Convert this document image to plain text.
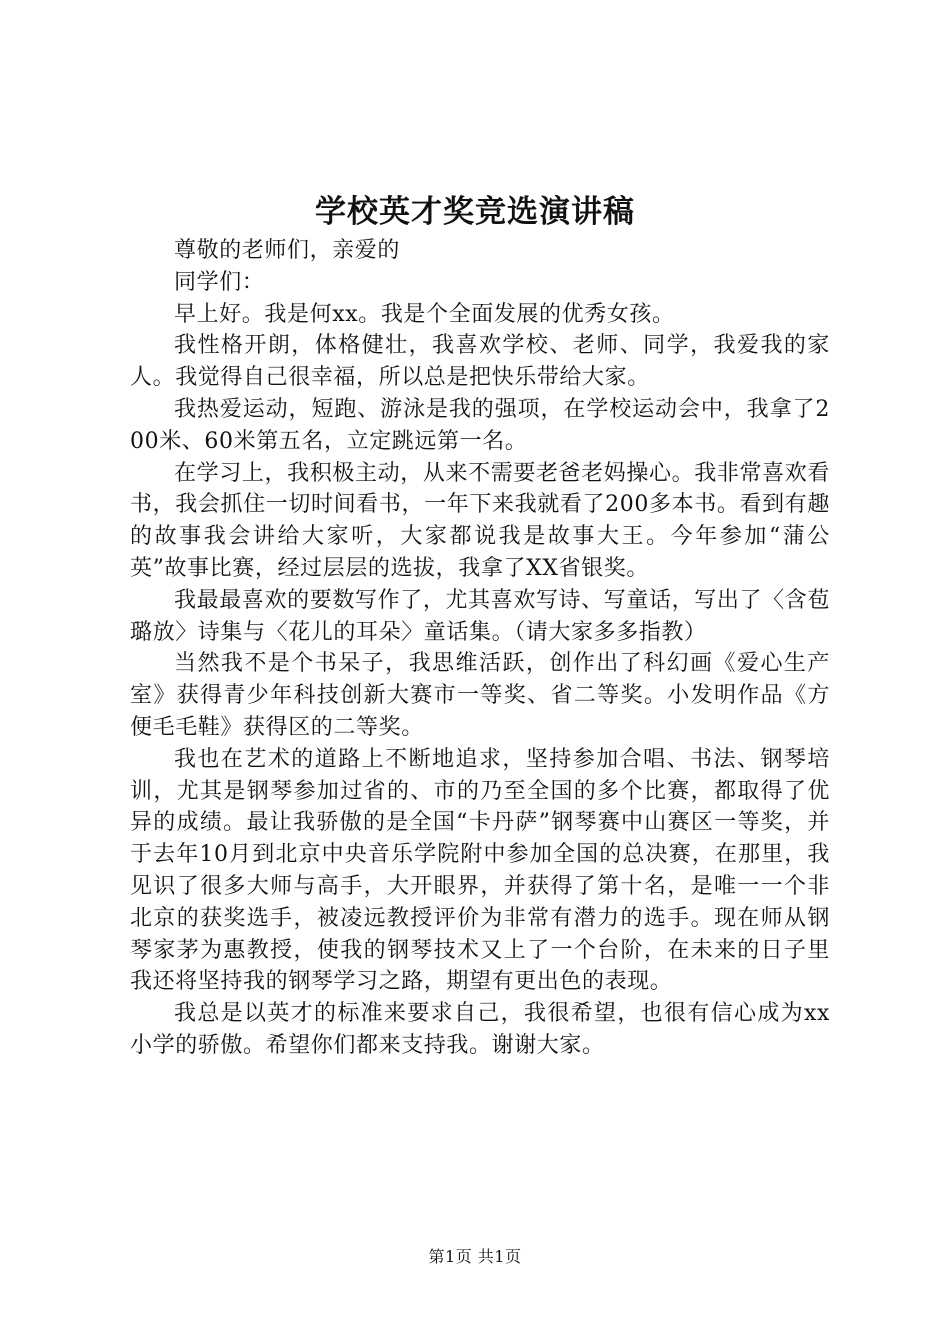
学校英才奖竞选演讲稿

尊敬的老师们，亲爱的

同学们：

早上好。我是何xx。我是个全面发展的优秀女孩。

我性格开朗，体格健壮，我喜欢学校、老师、同学，我爱我的家人。我觉得自己很幸福，所以总是把快乐带给大家。

我热爱运动，短跑、游泳是我的强项，在学校运动会中，我拿了200米、60米第五名，立定跳远第一名。

在学习上，我积极主动，从来不需要老爸老妈操心。我非常喜欢看书，我会抓住一切时间看书，一年下来我就看了200多本书。看到有趣的故事我会讲给大家听，大家都说我是故事大王。今年参加“蒲公英”故事比赛，经过层层的选拔，我拿了XX省银奖。

我最最喜欢的要数写作了，尤其喜欢写诗、写童话，写出了〈含苞璐放〉诗集与〈花儿的耳朵〉童话集。（请大家多多指教）

当然我不是个书呆子，我思维活跃，创作出了科幻画《爱心生产室》获得青少年科技创新大赛市一等奖、省二等奖。小发明作品《方便毛毛鞋》获得区的二等奖。

我也在艺术的道路上不断地追求，坚持参加合唱、书法、钢琴培训，尤其是钢琴参加过省的、市的乃至全国的多个比赛，都取得了优异的成绩。最让我骄傲的是全国“卡丹萨”钢琴赛中山赛区一等奖，并于去年10月到北京中央音乐学院附中参加全国的总决赛，在那里，我见识了很多大师与高手，大开眼界，并获得了第十名，是唯一一个非北京的获奖选手，被凌远教授评价为非常有潜力的选手。现在师从钢琴家茅为惠教授，使我的钢琴技术又上了一个台阶，在未来的日子里我还将坚持我的钢琴学习之路，期望有更出色的表现。

我总是以英才的标准来要求自己，我很希望，也很有信心成为xx小学的骄傲。希望你们都来支持我。谢谢大家。

第1页 共1页
